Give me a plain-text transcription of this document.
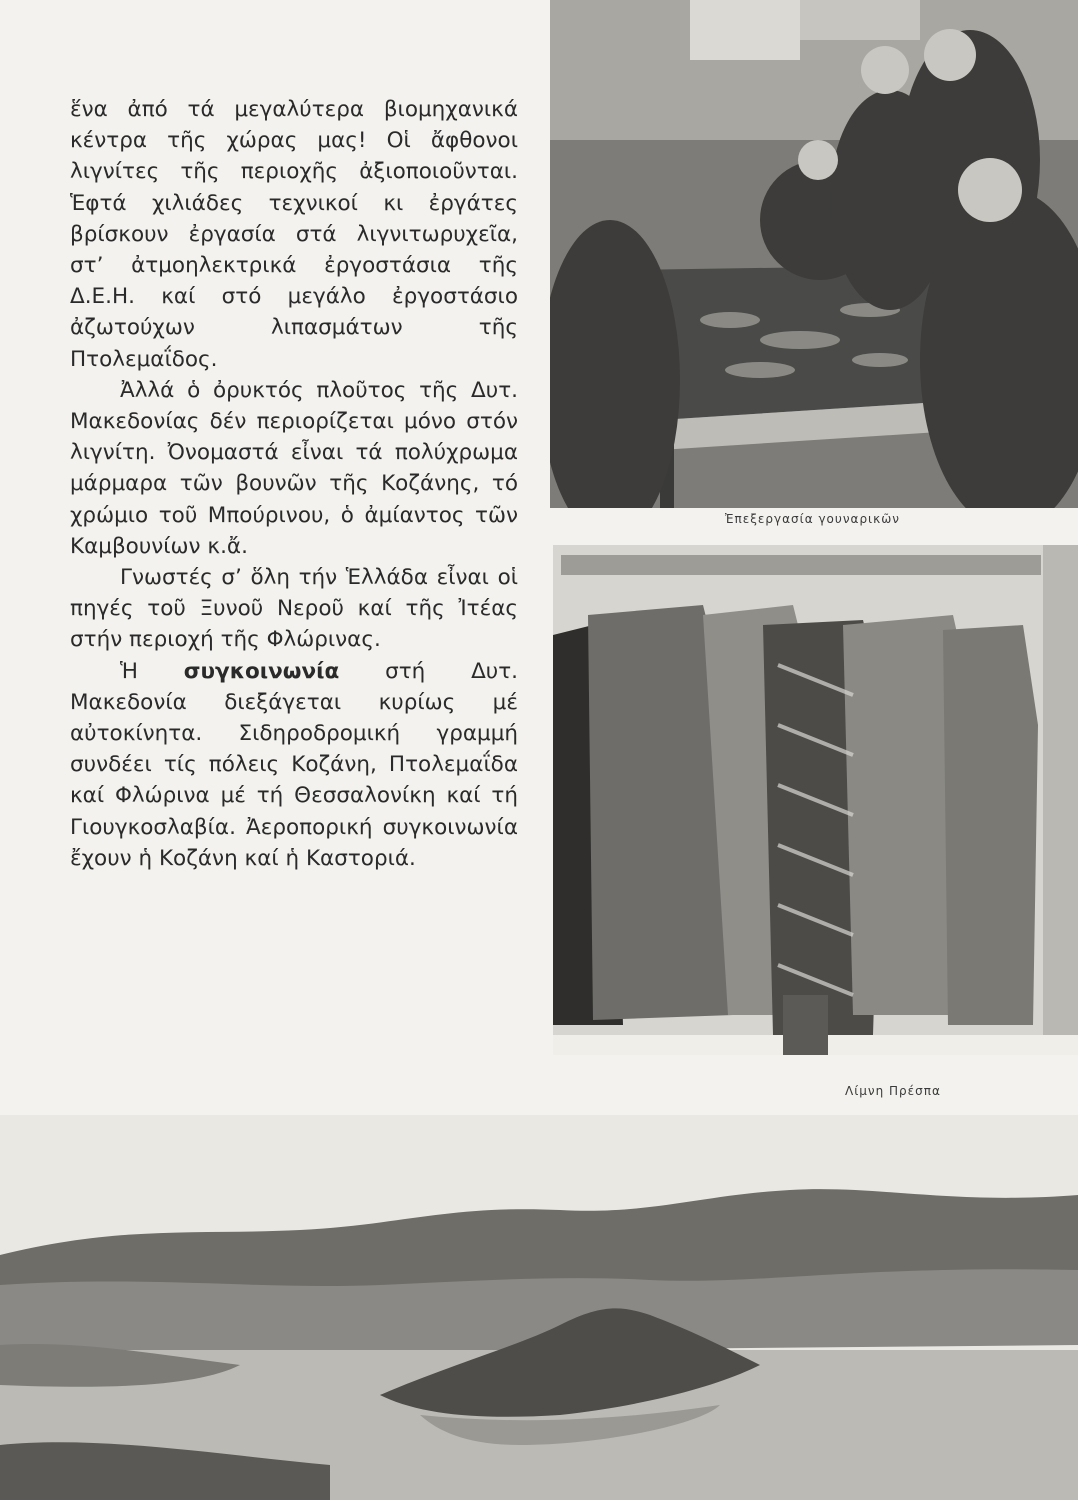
ἕνα ἀπό τά μεγαλύτερα βιομηχανικά κέντρα τῆς χώρας μας! Οἱ ἄφθονοι λιγνίτες τῆς περιοχῆς ἀξιοποιοῦνται. Ἑφτά χιλιάδες τεχνικοί κι ἐργάτες βρίσκουν ἐργασία στά λιγνιτωρυχεῖα, στ’ ἀτμοηλεκτρικά ἐργοστάσια τῆς Δ.Ε.Η. καί στό μεγάλο ἐργοστάσιο ἀζωτούχων λιπασμάτων τῆς Πτολεμαΐδος.

Ἀλλά ὁ ὀρυκτός πλοῦτος τῆς Δυτ. Μακεδονίας δέν περιορίζεται μόνο στόν λιγνίτη. Ὀνομαστά εἶναι τά πολύχρωμα μάρμαρα τῶν βουνῶν τῆς Κοζάνης, τό χρώμιο τοῦ Μπούρινου, ὁ ἀμίαντος τῶν Καμβουνίων κ.ἄ.

Γνωστές σ’ ὅλη τήν Ἑλλάδα εἶναι οἱ πηγές τοῦ Ξυνοῦ Νεροῦ καί τῆς Ἰτέας στήν περιοχή τῆς Φλώρινας.

Ἡ συγκοινωνία στή Δυτ. Μακεδονία διεξάγεται κυρίως μέ αὐτοκίνητα. Σιδηροδρομική γραμμή συνδέει τίς πόλεις Κοζάνη, Πτολεμαΐδα καί Φλώρινα μέ τή Θεσσαλονίκη καί τή Γιουγκοσλαβία. Ἀεροπορική συγκοινωνία ἔχουν ἡ Κοζάνη καί ἡ Καστοριά.

Ἐπεξεργασία γουναρικῶν
Λίμνη Πρέσπα
